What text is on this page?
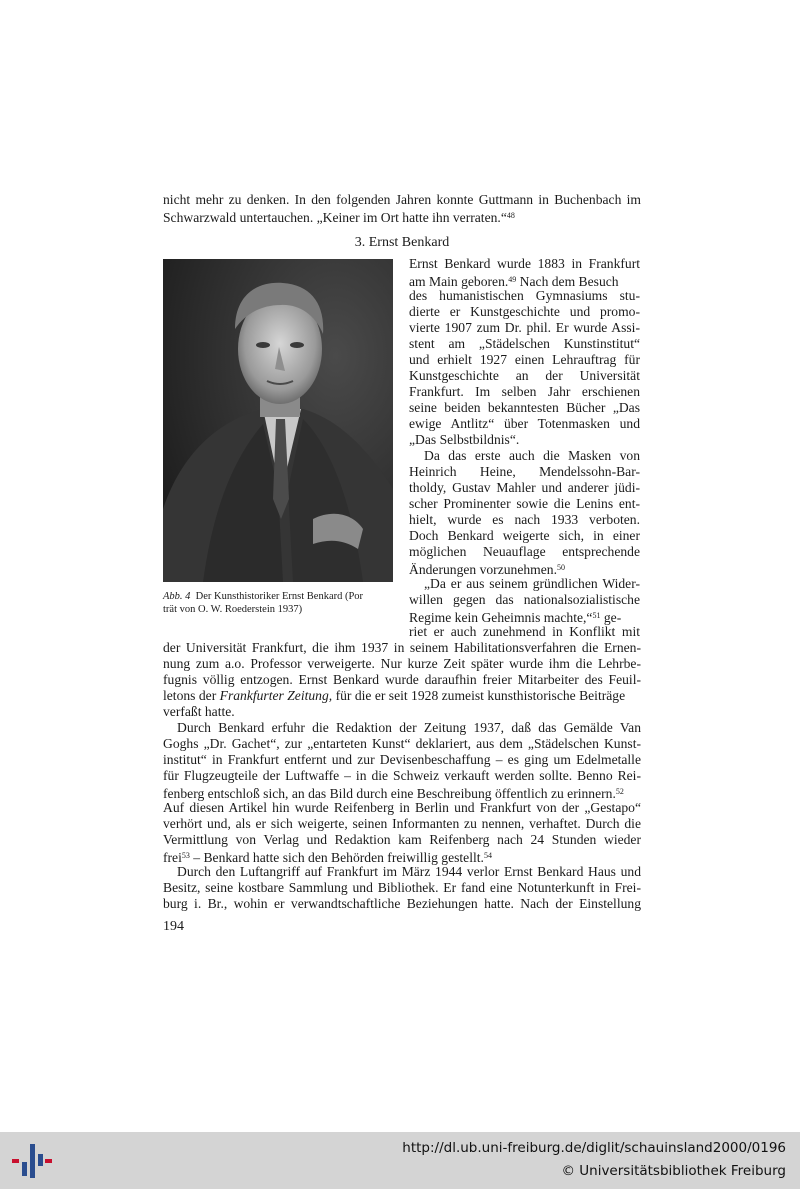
nicht mehr zu denken. In den folgenden Jahren konnte Guttmann in Buchenbach im
Schwarzwald untertauchen. „Keiner im Ort hatte ihn verraten.“$^{48}$
3. Ernst Benkard
Ernst Benkard wurde 1883 in Frankfurt
am Main geboren.$^{49}$ Nach dem Besuch
des humanistischen Gymnasiums stu-
dierte er Kunstgeschichte und promo-
vierte 1907 zum Dr. phil. Er wurde Assi-
stent am „Städelschen Kunstinstitut“
und erhielt 1927 einen Lehrauftrag für
Kunstgeschichte an der Universität
Frankfurt. Im selben Jahr erschienen
seine beiden bekanntesten Bücher „Das
ewige Antlitz“ über Totenmasken und
„Das Selbstbildnis“.
Da das erste auch die Masken von
Heinrich Heine, Mendelssohn-Bar-
tholdy, Gustav Mahler und anderer jüdi-
scher Prominenter sowie die Lenins ent-
hielt, wurde es nach 1933 verboten.
Doch Benkard weigerte sich, in einer
möglichen Neuauflage entsprechende
Änderungen vorzunehmen.$^{50}$
„Da er aus seinem gründlichen Wider-
willen gegen das nationalsozialistische
Regime kein Geheimnis machte,“$^{51}$ ge-
riet er auch zunehmend in Konflikt mit
Abb. 4 Der Kunsthistoriker Ernst Benkard (Por
trät von O. W. Roederstein 1937)
der Universität Frankfurt, die ihm 1937 in seinem Habilitationsverfahren die Ernen-
nung zum a.o. Professor verweigerte. Nur kurze Zeit später wurde ihm die Lehrbe-
fugnis völlig entzogen. Ernst Benkard wurde daraufhin freier Mitarbeiter des Feuil-
letons der Frankfurter Zeitung, für die er seit 1928 zumeist kunsthistorische Beiträge
verfaßt hatte.
Durch Benkard erfuhr die Redaktion der Zeitung 1937, daß das Gemälde Van
Goghs „Dr. Gachet“, zur „entarteten Kunst“ deklariert, aus dem „Städelschen Kunst-
institut“ in Frankfurt entfernt und zur Devisenbeschaffung – es ging um Edelmetalle
für Flugzeugteile der Luftwaffe – in die Schweiz verkauft werden sollte. Benno Rei-
fenberg entschloß sich, an das Bild durch eine Beschreibung öffentlich zu erinnern.$^{52}$
Auf diesen Artikel hin wurde Reifenberg in Berlin und Frankfurt von der „Gestapo“
verhört und, als er sich weigerte, seinen Informanten zu nennen, verhaftet. Durch die
Vermittlung von Verlag und Redaktion kam Reifenberg nach 24 Stunden wieder
frei$^{53}$ – Benkard hatte sich den Behörden freiwillig gestellt.$^{54}$
Durch den Luftangriff auf Frankfurt im März 1944 verlor Ernst Benkard Haus und
Besitz, seine kostbare Sammlung und Bibliothek. Er fand eine Notunterkunft in Frei-
burg i. Br., wohin er verwandtschaftliche Beziehungen hatte. Nach der Einstellung
194
http://dl.ub.uni-freiburg.de/diglit/schauinsland2000/0196
© Universitätsbibliothek Freiburg
